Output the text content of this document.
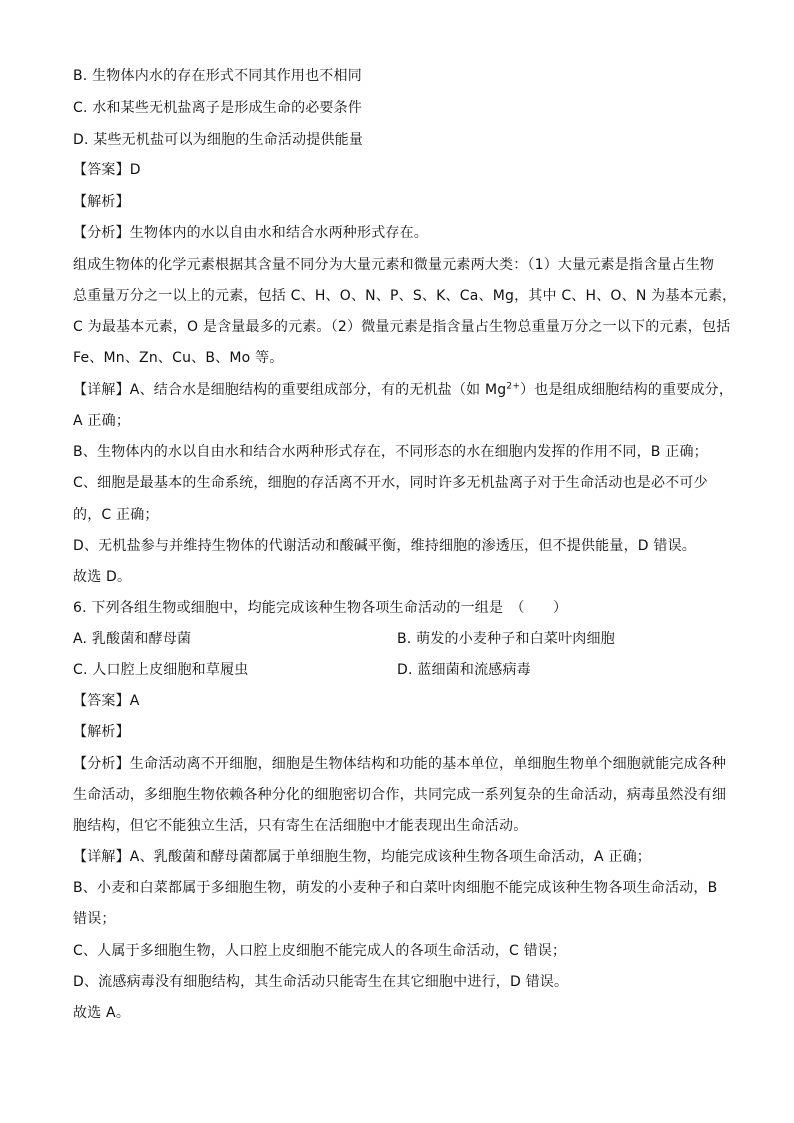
B. 生物体内水的存在形式不同其作用也不相同
C. 水和某些无机盐离子是形成生命的必要条件
D. 某些无机盐可以为细胞的生命活动提供能量
【答案】D
【解析】
【分析】生物体内的水以自由水和结合水两种形式存在。
组成生物体的化学元素根据其含量不同分为大量元素和微量元素两大类：（1）大量元素是指含量占生物
总重量万分之一以上的元素，包括 C、H、O、N、P、S、K、Ca、Mg，其中 C、H、O、N 为基本元素，
C 为最基本元素，O 是含量最多的元素。（2）微量元素是指含量占生物总重量万分之一以下的元素，包括
Fe、Mn、Zn、Cu、B、Mo 等。
【详解】A、结合水是细胞结构的重要组成部分，有的无机盐（如 $Mg^{2+}$）也是组成细胞结构的重要成分，
A 正确；
B、生物体内的水以自由水和结合水两种形式存在，不同形态的水在细胞内发挥的作用不同，B 正确；
C、细胞是最基本的生命系统，细胞的存活离不开水，同时许多无机盐离子对于生命活动也是必不可少
的，C 正确；
D、无机盐参与并维持生物体的代谢活动和酸碱平衡，维持细胞的渗透压，但不提供能量，D 错误。
故选 D。
6. 下列各组生物或细胞中，均能完成该种生物各项生命活动的一组是　（　　）
A. 乳酸菌和酵母菌	B. 萌发的小麦种子和白菜叶肉细胞
C. 人口腔上皮细胞和草履虫	D. 蓝细菌和流感病毒
【答案】A
【解析】
【分析】生命活动离不开细胞，细胞是生物体结构和功能的基本单位，单细胞生物单个细胞就能完成各种
生命活动，多细胞生物依赖各种分化的细胞密切合作，共同完成一系列复杂的生命活动，病毒虽然没有细
胞结构，但它不能独立生活，只有寄生在活细胞中才能表现出生命活动。
【详解】A、乳酸菌和酵母菌都属于单细胞生物，均能完成该种生物各项生命活动，A 正确；
B、小麦和白菜都属于多细胞生物，萌发的小麦种子和白菜叶肉细胞不能完成该种生物各项生命活动，B
错误；
C、人属于多细胞生物，人口腔上皮细胞不能完成人的各项生命活动，C 错误；
D、流感病毒没有细胞结构，其生命活动只能寄生在其它细胞中进行，D 错误。
故选 A。
